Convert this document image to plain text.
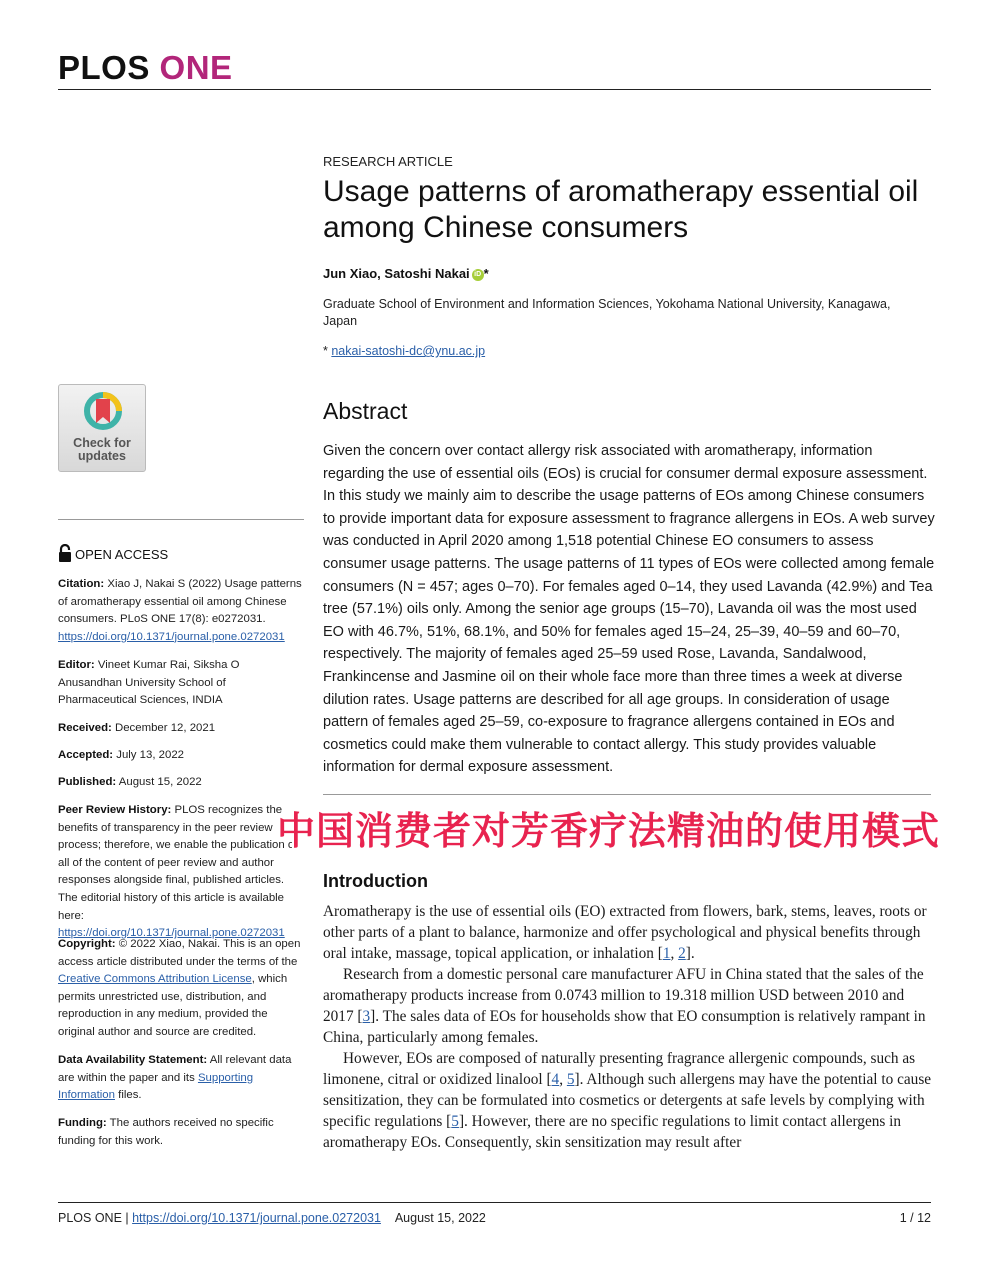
PLOS ONE
RESEARCH ARTICLE
Usage patterns of aromatherapy essential oil among Chinese consumers
Jun Xiao, Satoshi Nakai iD *
Graduate School of Environment and Information Sciences, Yokohama National University, Kanagawa, Japan
* nakai-satoshi-dc@ynu.ac.jp
Check for
updates
OPEN ACCESS
Citation: Xiao J, Nakai S (2022) Usage patterns of aromatherapy essential oil among Chinese consumers. PLoS ONE 17(8): e0272031. https://doi.org/10.1371/journal.pone.0272031
Editor: Vineet Kumar Rai, Siksha O Anusandhan University School of Pharmaceutical Sciences, INDIA
Received: December 12, 2021
Accepted: July 13, 2022
Published: August 15, 2022
Peer Review History: PLOS recognizes the benefits of transparency in the peer review process; therefore, we enable the publication of all of the content of peer review and author responses alongside final, published articles. The editorial history of this article is available here: https://doi.org/10.1371/journal.pone.0272031
Copyright: © 2022 Xiao, Nakai. This is an open access article distributed under the terms of the Creative Commons Attribution License, which permits unrestricted use, distribution, and reproduction in any medium, provided the original author and source are credited.
Data Availability Statement: All relevant data are within the paper and its Supporting Information files.
Funding: The authors received no specific funding for this work.
Abstract
Given the concern over contact allergy risk associated with aromatherapy, information regarding the use of essential oils (EOs) is crucial for consumer dermal exposure assessment. In this study we mainly aim to describe the usage patterns of EOs among Chinese consumers to provide important data for exposure assessment to fragrance allergens in EOs. A web survey was conducted in April 2020 among 1,518 potential Chinese EO consumers to assess consumer usage patterns. The usage patterns of 11 types of EOs were collected among female consumers (N = 457; ages 0–70). For females aged 0–14, they used Lavanda (42.9%) and Tea tree (57.1%) oils only. Among the senior age groups (15–70), Lavanda oil was the most used EO with 46.7%, 51%, 68.1%, and 50% for females aged 15–24, 25–39, 40–59 and 60–70, respectively. The majority of females aged 25–59 used Rose, Lavanda, Sandalwood, Frankincense and Jasmine oil on their whole face more than three times a week at diverse dilution rates. Usage patterns are described for all age groups. In consideration of usage pattern of females aged 25–59, co-exposure to fragrance allergens contained in EOs and cosmetics could make them vulnerable to contact allergy. This study provides valuable information for dermal exposure assessment.
中国消费者对芳香疗法精油的使用模式
Introduction
Aromatherapy is the use of essential oils (EO) extracted from flowers, bark, stems, leaves, roots or other parts of a plant to balance, harmonize and offer psychological and physical benefits through oral intake, massage, topical application, or inhalation [1, 2].
Research from a domestic personal care manufacturer AFU in China stated that the sales of the aromatherapy products increase from 0.0743 million to 19.318 million USD between 2010 and 2017 [3]. The sales data of EOs for households show that EO consumption is relatively rampant in China, particularly among females.
However, EOs are composed of naturally presenting fragrance allergenic compounds, such as limonene, citral or oxidized linalool [4, 5]. Although such allergens may have the potential to cause sensitization, they can be formulated into cosmetics or detergents at safe levels by complying with specific regulations [5]. However, there are no specific regulations to limit contact allergens in aromatherapy EOs. Consequently, skin sensitization may result after
PLOS ONE | https://doi.org/10.1371/journal.pone.0272031 August 15, 2022	1 / 12
